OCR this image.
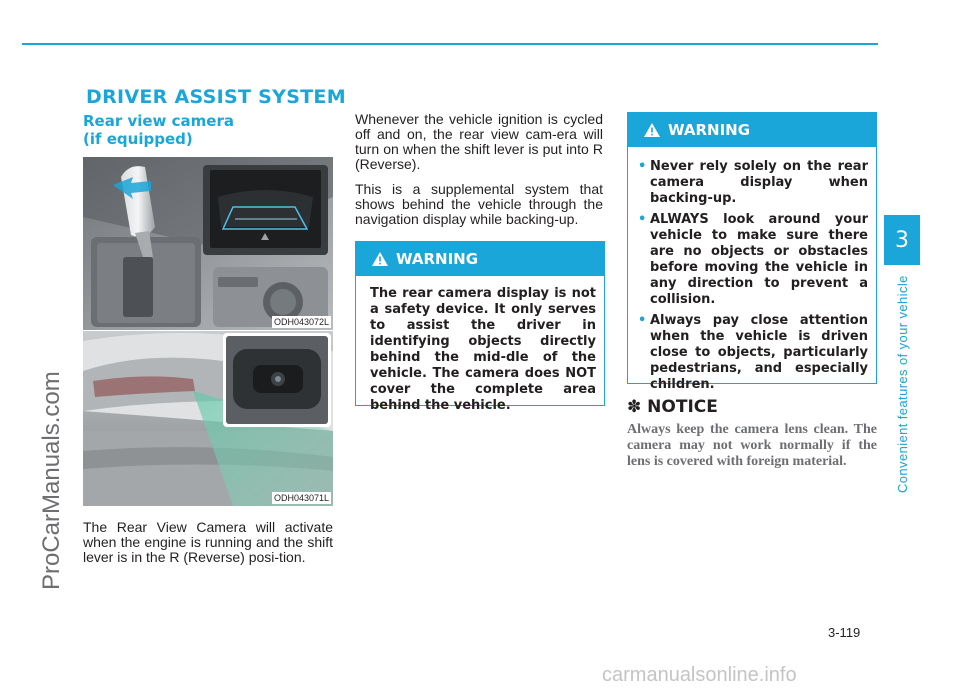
DRIVER ASSIST SYSTEM
ProCarManuals.com
carmanualsonline.info
3
Convenient features of your vehicle
3-119
Rear view camera
(if equipped)
ODH043072L
ODH043071L
The Rear View Camera will activate when the engine is running and the shift lever is in the R (Reverse) posi-tion.
Whenever the vehicle ignition is cycled off and on, the rear view cam-era will turn on when the shift lever is put into R (Reverse).
This is a supplemental system that shows behind the vehicle through the navigation display while backing-up.
WARNING
The rear camera display is not a safety device. It only serves to assist the driver in identifying objects directly behind the mid-dle of the vehicle. The camera does NOT cover the complete area behind the vehicle.
WARNING
• Never rely solely on the rear camera display when backing-up.
• ALWAYS look around your vehicle to make sure there are no objects or obstacles before moving the vehicle in any direction to prevent a collision.
• Always pay close attention when the vehicle is driven close to objects, particularly pedestrians, and especially children.
✽ NOTICE
Always keep the camera lens clean. The camera may not work normally if the lens is covered with foreign material.
